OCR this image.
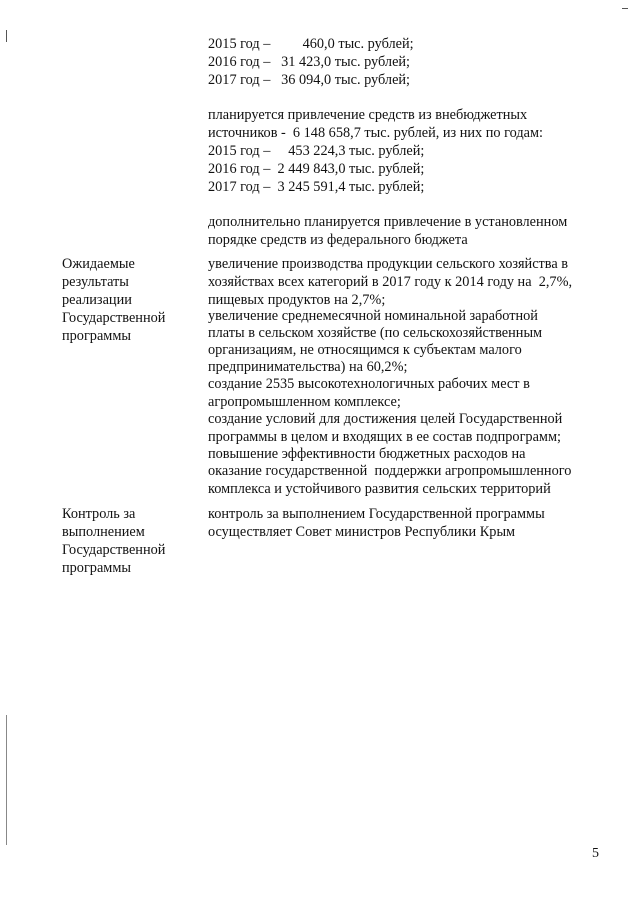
2015 год –         460,0 тыс. рублей;
2016 год –   31 423,0 тыс. рублей;
2017 год –   36 094,0 тыс. рублей;
планируется привлечение средств из внебюджетных
источников -  6 148 658,7 тыс. рублей, из них по годам:
2015 год –     453 224,3 тыс. рублей;
2016 год –  2 449 843,0 тыс. рублей;
2017 год –  3 245 591,4 тыс. рублей;
дополнительно планируется привлечение в установленном
порядке средств из федерального бюджета
Ожидаемые
результаты
реализации
Государственной
программы
увеличение производства продукции сельского хозяйства в
хозяйствах всех категорий в 2017 году к 2014 году на  2,7%,
пищевых продуктов на 2,7%;
увеличение среднемесячной номинальной заработной
платы в сельском хозяйстве (по сельскохозяйственным
организациям, не относящимся к субъектам малого
предпринимательства) на 60,2%;
создание 2535 высокотехнологичных рабочих мест в
агропромышленном комплексе;
создание условий для достижения целей Государственной
программы в целом и входящих в ее состав подпрограмм;
повышение эффективности бюджетных расходов на
оказание государственной  поддержки агропромышленного
комплекса и устойчивого развития сельских территорий
Контроль за
выполнением
Государственной
программы
контроль за выполнением Государственной программы
осуществляет Совет министров Республики Крым
5
